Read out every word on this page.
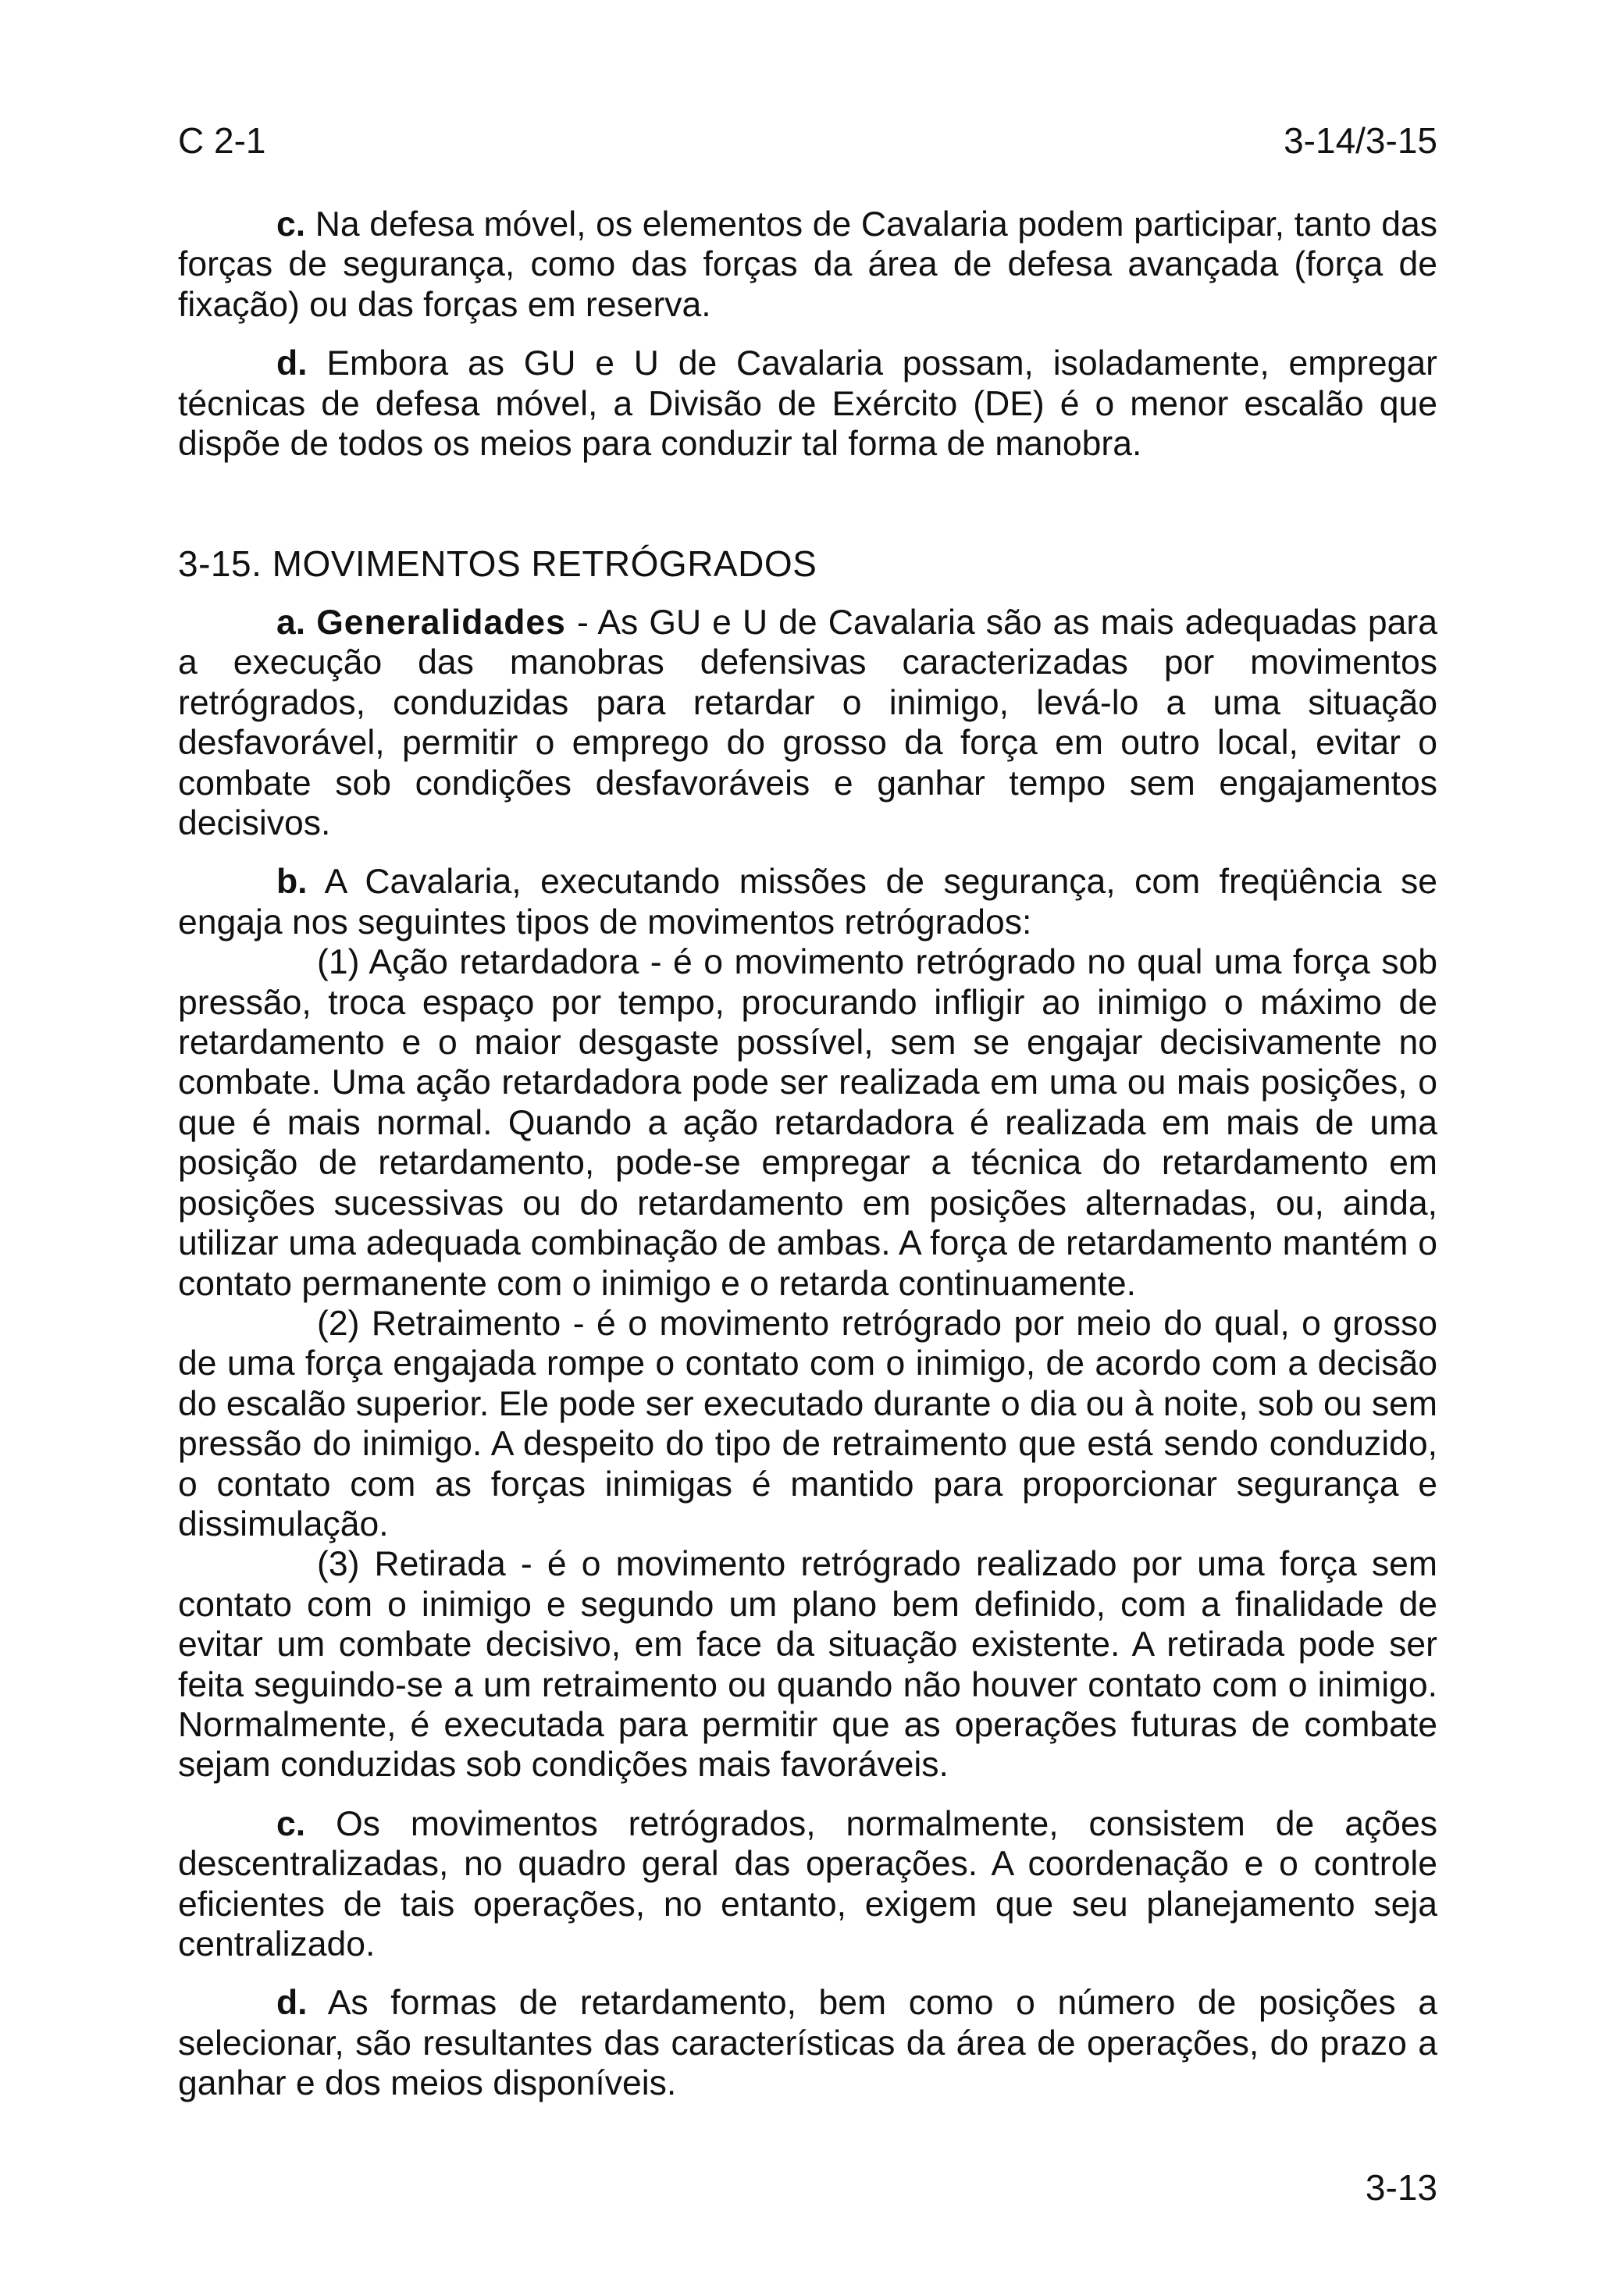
C 2-1	3-14/3-15

c. Na defesa móvel, os elementos de Cavalaria podem participar, tanto das forças de segurança, como das forças da área de defesa avançada (força de fixação) ou das forças em reserva.

d. Embora as GU e U de Cavalaria possam, isoladamente, empregar técnicas de defesa móvel, a Divisão de Exército (DE) é o menor escalão que dispõe de todos os meios para conduzir tal forma de manobra.

3-15. MOVIMENTOS RETRÓGRADOS

a. Generalidades - As GU e U de Cavalaria são as mais adequadas para a execução das manobras defensivas caracterizadas por movimentos retrógrados, conduzidas para retardar o inimigo, levá-lo a uma situação desfavorável, permitir o emprego do grosso da força em outro local, evitar o combate sob condições desfavoráveis e ganhar tempo sem engajamentos decisivos.

b. A Cavalaria, executando missões de segurança, com freqüência se engaja nos seguintes tipos de movimentos retrógrados:

(1) Ação retardadora - é o movimento retrógrado no qual uma força sob pressão, troca espaço por tempo, procurando infligir ao inimigo o máximo de retardamento e o maior desgaste possível, sem se engajar decisivamente no combate. Uma ação retardadora pode ser realizada em uma ou mais posições, o que é mais normal. Quando a ação retardadora é realizada em mais de uma posição de retardamento, pode-se empregar a técnica do retardamento em posições sucessivas ou do retardamento em posições alternadas, ou, ainda, utilizar uma adequada combinação de ambas. A força de retardamento mantém o contato permanente com o inimigo e o retarda continuamente.

(2) Retraimento - é o movimento retrógrado por meio do qual, o grosso de uma força engajada rompe o contato com o inimigo, de acordo com a decisão do escalão superior. Ele pode ser executado durante o dia ou à noite, sob ou sem pressão do inimigo. A despeito do tipo de retraimento que está sendo conduzido, o contato com as forças inimigas é mantido para proporcionar segurança e dissimulação.

(3) Retirada - é o movimento retrógrado realizado por uma força sem contato com o inimigo e segundo um plano bem definido, com a finalidade de evitar um combate decisivo, em face da situação existente. A retirada pode ser feita seguindo-se a um retraimento ou quando não houver contato com o inimigo. Normalmente, é executada para permitir que as operações futuras de combate sejam conduzidas sob condições mais favoráveis.

c. Os movimentos retrógrados, normalmente, consistem de ações descentralizadas, no quadro geral das operações. A coordenação e o controle eficientes de tais operações, no entanto, exigem que seu planejamento seja centralizado.

d. As formas de retardamento, bem como o número de posições a selecionar, são resultantes das características da área de operações, do prazo a ganhar e dos meios disponíveis.

3-13
